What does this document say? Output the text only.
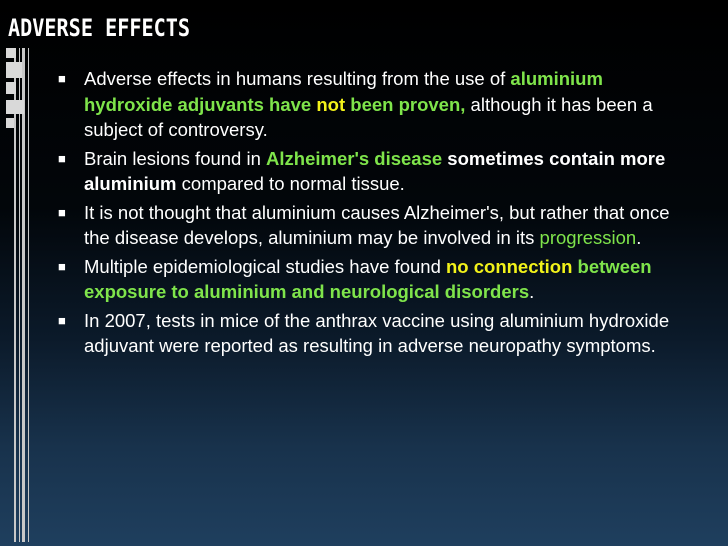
ADVERSE EFFECTS
■ Adverse effects in humans resulting from the use of aluminium hydroxide adjuvants have not been proven, although it has been a subject of controversy.
■ Brain lesions found in Alzheimer's disease sometimes contain more aluminium compared to normal tissue.
■ It is not thought that aluminium causes Alzheimer's, but rather that once the disease develops, aluminium may be involved in its progression.
■ Multiple epidemiological studies have found no connection between exposure to aluminium and neurological disorders.
■ In 2007, tests in mice of the anthrax vaccine using aluminium hydroxide adjuvant were reported as resulting in adverse neuropathy symptoms.
